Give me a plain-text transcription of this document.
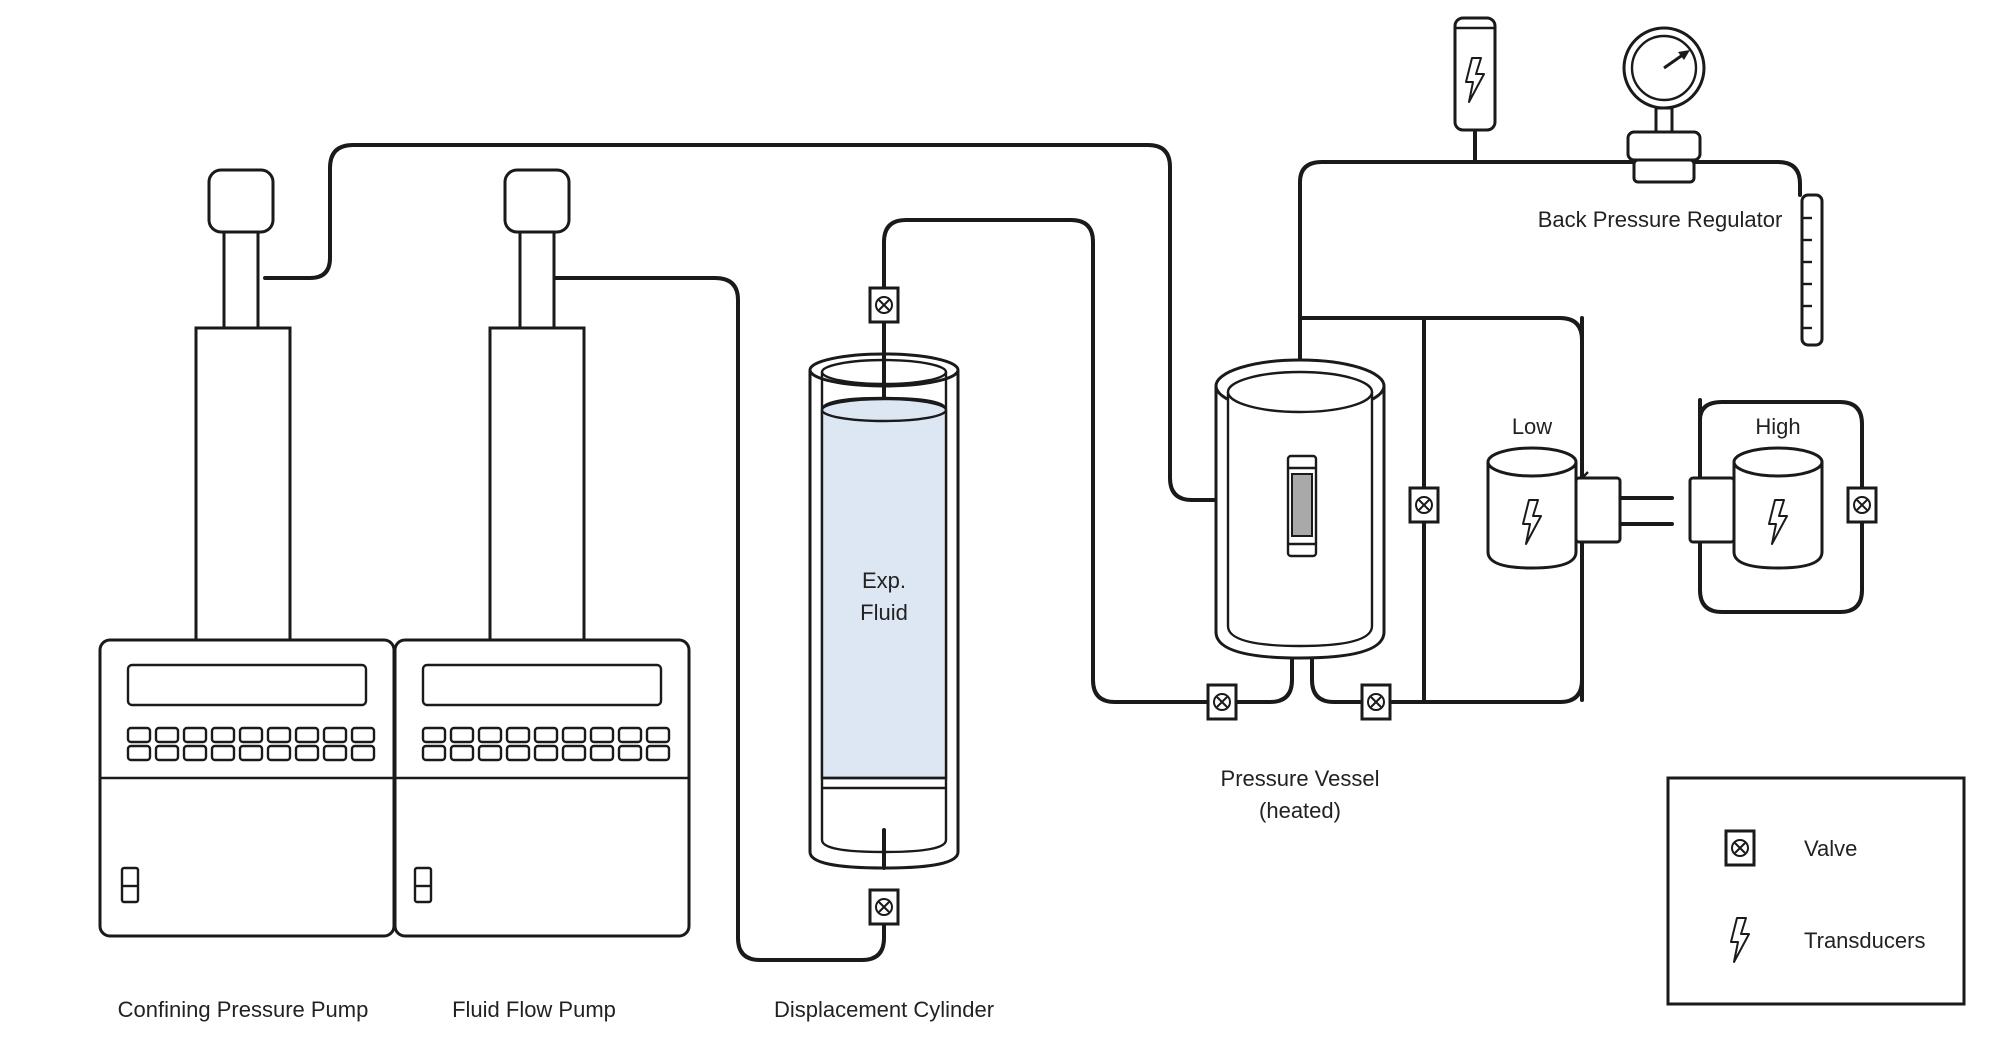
Exp.
Fluid
Confining Pressure Pump	Fluid Flow Pump	Displacement Cylinder
Pressure Vessel
(heated)
Back Pressure Regulator
Low	High
Valve
Transducers
